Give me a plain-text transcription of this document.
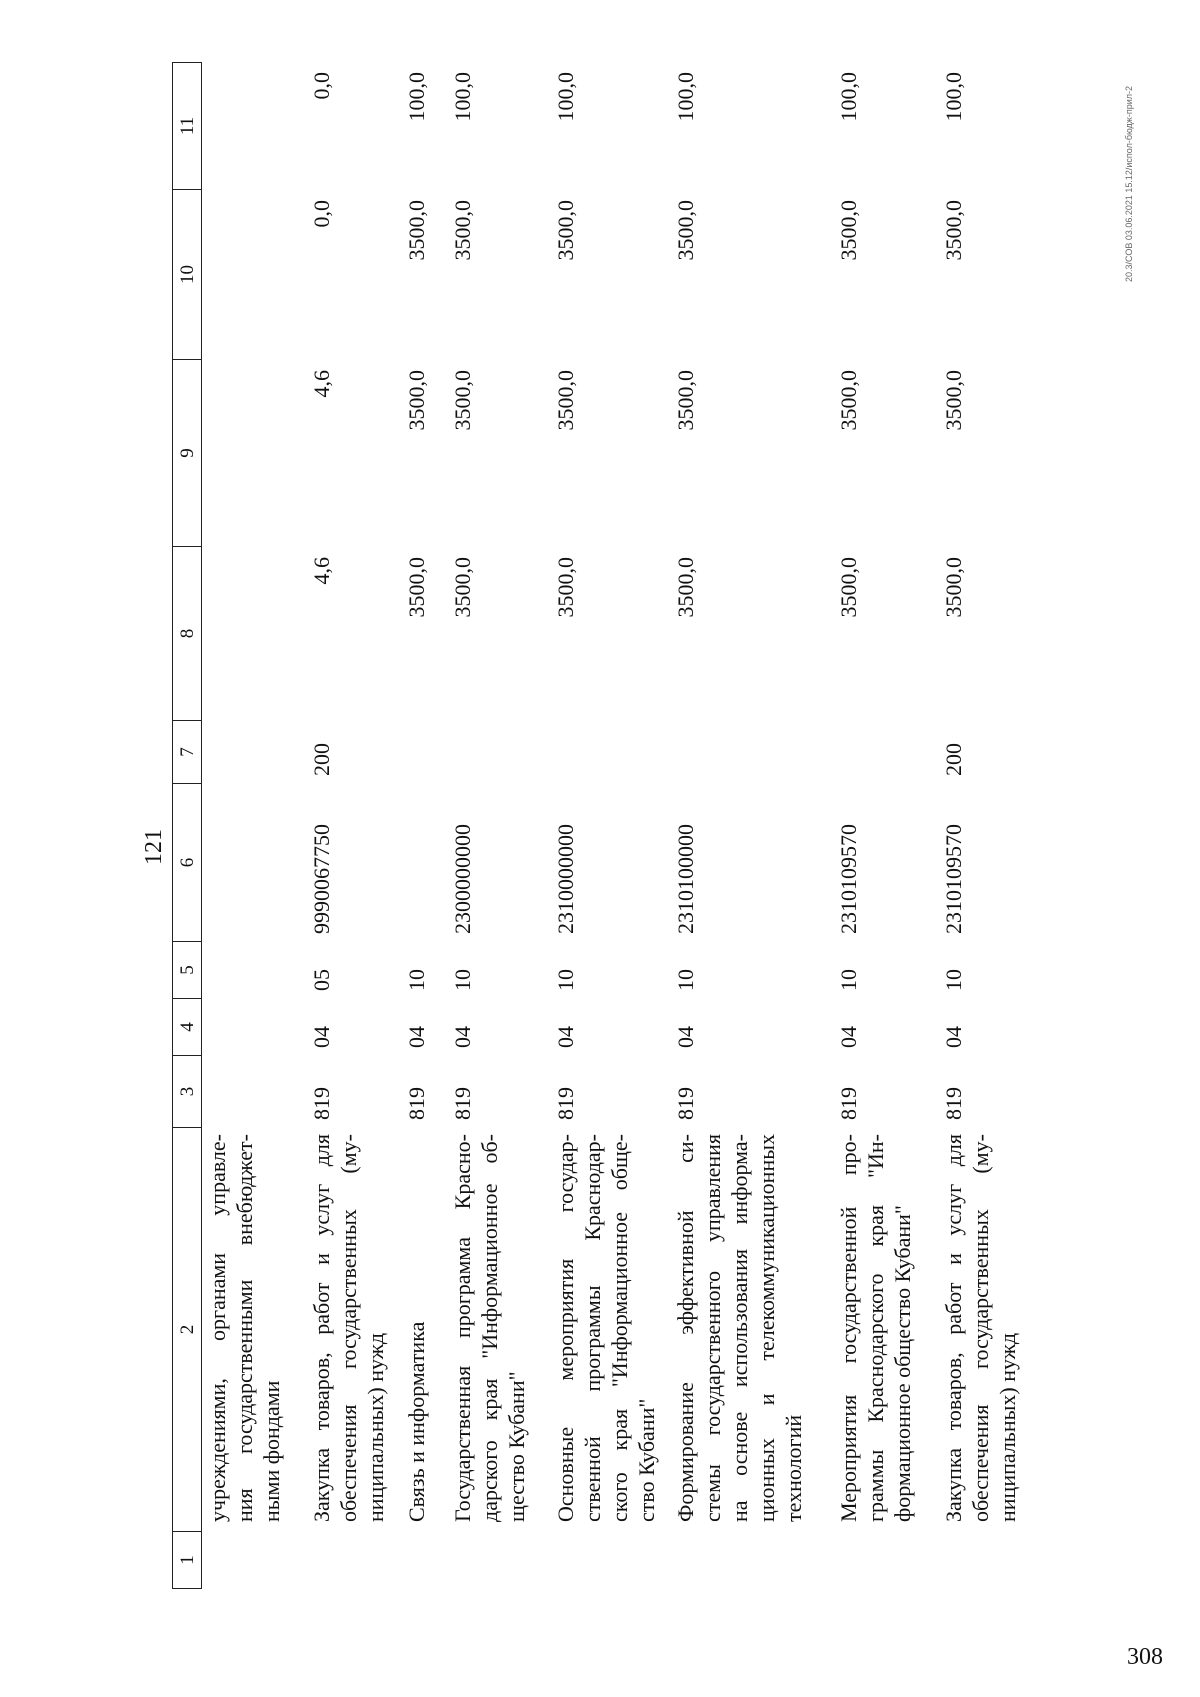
121
1
2
3
4
5
6
7
8
9
10
11
учреждениями, органами управле- ния государственными внебюджет- ными фондами Закупка товаров, работ и услуг для обеспечения государственных (му- ниципальных) нужд
819
04
05
9990067750
200
4,6
4,6
0,0
0,0
Связь и информатика
819
04
10
3500,0
3500,0
3500,0
100,0
Государственная программа Красно- дарского края "Информационное об- щество Кубани"
819
04
10
2300000000
3500,0
3500,0
3500,0
100,0
Основные мероприятия государ- ственной программы Краснодар- ского края "Информационное обще- ство Кубани"
819
04
10
2310000000
3500,0
3500,0
3500,0
100,0
Формирование эффективной си- стемы государственного управления на основе использования информа- ционных и телекоммуникационных технологий
819
04
10
2310100000
3500,0
3500,0
3500,0
100,0
Мероприятия государственной про- граммы Краснодарского края "Ин- формационное общество Кубани"
819
04
10
2310109570
3500,0
3500,0
3500,0
100,0
Закупка товаров, работ и услуг для обеспечения государственных (му- ниципальных) нужд
819
04
10
2310109570
200
3500,0
3500,0
3500,0
100,0	20.3/СОВ 03.06.2021 15.12/испол-бюдж-прил-2
308
